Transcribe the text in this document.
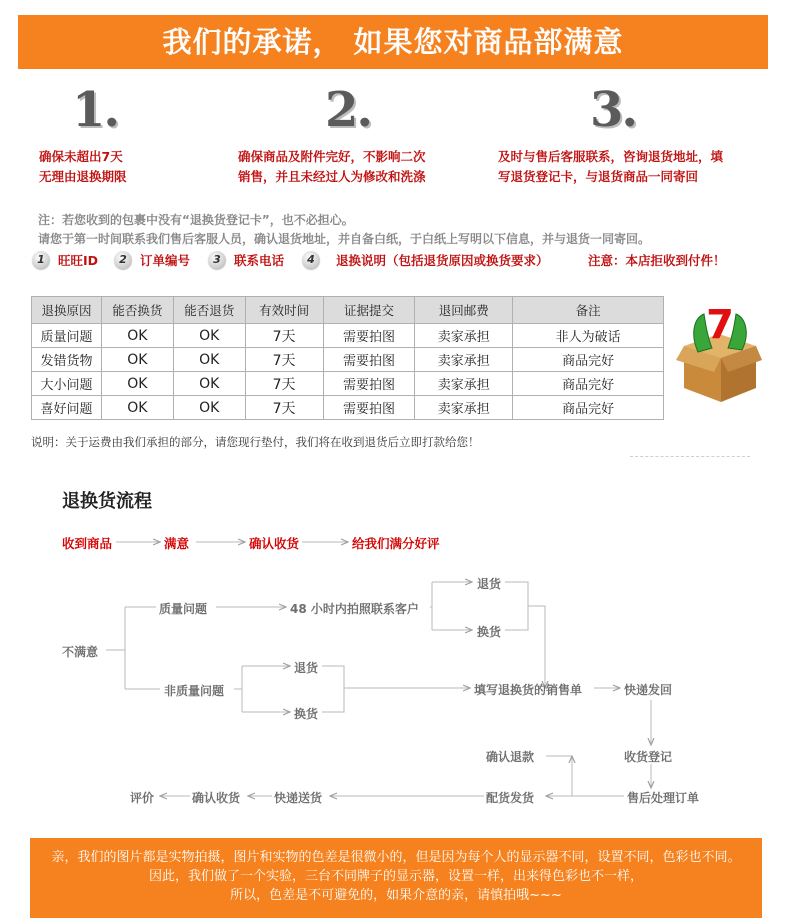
我们的承诺， 如果您对商品部满意
1.	2.	3.
确保未超出7天
无理由退换期限
确保商品及附件完好，不影响二次
销售，并且未经过人为修改和洗涤
及时与售后客服联系，咨询退货地址，填
写退货登记卡，与退货商品一同寄回
注：若您收到的包裹中没有“退换货登记卡”，也不必担心。
请您于第一时间联系我们售后客服人员，确认退货地址，并自备白纸，于白纸上写明以下信息，并与退货一同寄回。
1	旺旺ID	2	订单编号	3	联系电话	4	退换说明（包括退货原因或换货要求）	注意：本店拒收到付件！
退换原因	能否换货	能否退货	有效时间	证据提交	退回邮费	备注
质量问题	OK	OK	7天	需要拍图	卖家承担	非人为破话
发错货物	OK	OK	7天	需要拍图	卖家承担	商品完好
大小问题	OK	OK	7天	需要拍图	卖家承担	商品完好
喜好问题	OK	OK	7天	需要拍图	卖家承担	商品完好
7
说明：关于运费由我们承担的部分，请您现行垫付，我们将在收到退货后立即打款给您！
退换货流程
收到商品	满意	确认收货	给我们满分好评
不满意
质量问题	48 小时内拍照联系客户
退货
换货
非质量问题
退货
换货
填写退换货的销售单	快递发回
收货登记
确认退款
售后处理订单
配货发货
快递送货
确认收货
评价
亲，我们的图片都是实物拍摄，图片和实物的色差是很微小的，但是因为每个人的显示器不同，设置不同，色彩也不同。
因此，我们做了一个实验，三台不同牌子的显示器，设置一样，出来得色彩也不一样，
所以，色差是不可避免的，如果介意的亲，请慎拍哦~~~
